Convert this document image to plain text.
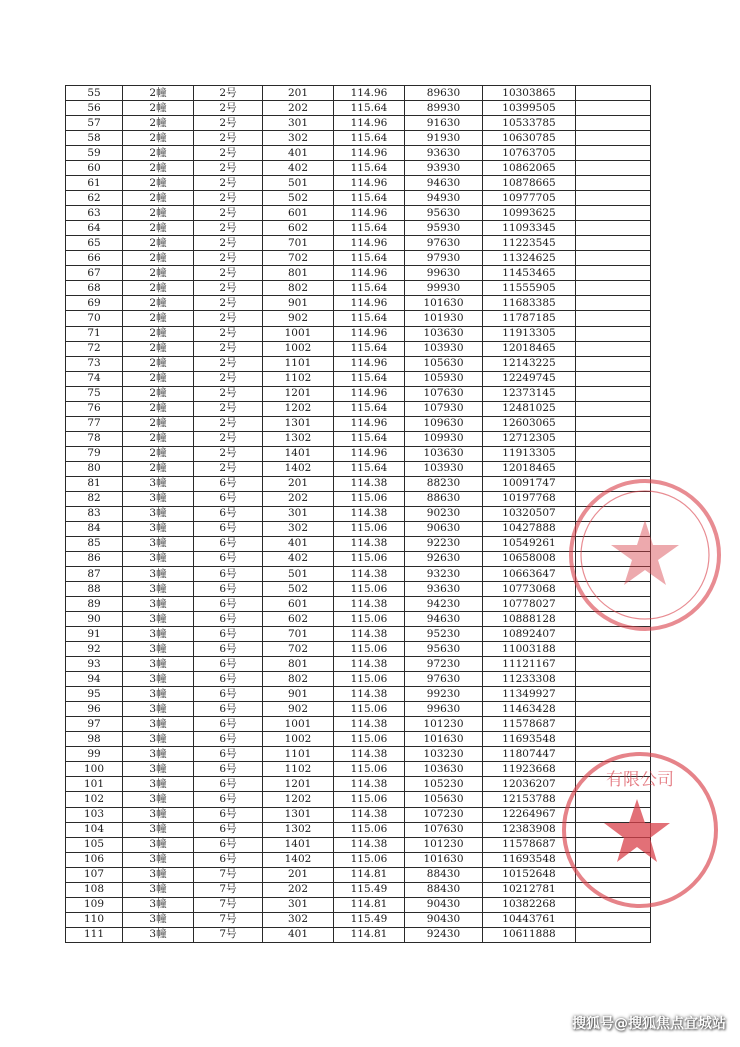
55	2幢	2号	201	114.96	89630	10303865	
56	2幢	2号	202	115.64	89930	10399505	
57	2幢	2号	301	114.96	91630	10533785	
58	2幢	2号	302	115.64	91930	10630785	
59	2幢	2号	401	114.96	93630	10763705	
60	2幢	2号	402	115.64	93930	10862065	
61	2幢	2号	501	114.96	94630	10878665	
62	2幢	2号	502	115.64	94930	10977705	
63	2幢	2号	601	114.96	95630	10993625	
64	2幢	2号	602	115.64	95930	11093345	
65	2幢	2号	701	114.96	97630	11223545	
66	2幢	2号	702	115.64	97930	11324625	
67	2幢	2号	801	114.96	99630	11453465	
68	2幢	2号	802	115.64	99930	11555905	
69	2幢	2号	901	114.96	101630	11683385	
70	2幢	2号	902	115.64	101930	11787185	
71	2幢	2号	1001	114.96	103630	11913305	
72	2幢	2号	1002	115.64	103930	12018465	
73	2幢	2号	1101	114.96	105630	12143225	
74	2幢	2号	1102	115.64	105930	12249745	
75	2幢	2号	1201	114.96	107630	12373145	
76	2幢	2号	1202	115.64	107930	12481025	
77	2幢	2号	1301	114.96	109630	12603065	
78	2幢	2号	1302	115.64	109930	12712305	
79	2幢	2号	1401	114.96	103630	11913305	
80	2幢	2号	1402	115.64	103930	12018465	
81	3幢	6号	201	114.38	88230	10091747	
82	3幢	6号	202	115.06	88630	10197768	
83	3幢	6号	301	114.38	90230	10320507	
84	3幢	6号	302	115.06	90630	10427888	
85	3幢	6号	401	114.38	92230	10549261	
86	3幢	6号	402	115.06	92630	10658008	
87	3幢	6号	501	114.38	93230	10663647	
88	3幢	6号	502	115.06	93630	10773068	
89	3幢	6号	601	114.38	94230	10778027	
90	3幢	6号	602	115.06	94630	10888128	
91	3幢	6号	701	114.38	95230	10892407	
92	3幢	6号	702	115.06	95630	11003188	
93	3幢	6号	801	114.38	97230	11121167	
94	3幢	6号	802	115.06	97630	11233308	
95	3幢	6号	901	114.38	99230	11349927	
96	3幢	6号	902	115.06	99630	11463428	
97	3幢	6号	1001	114.38	101230	11578687	
98	3幢	6号	1002	115.06	101630	11693548	
99	3幢	6号	1101	114.38	103230	11807447	
100	3幢	6号	1102	115.06	103630	11923668	
101	3幢	6号	1201	114.38	105230	12036207	
102	3幢	6号	1202	115.06	105630	12153788	
103	3幢	6号	1301	114.38	107230	12264967	
104	3幢	6号	1302	115.06	107630	12383908	
105	3幢	6号	1401	114.38	101230	11578687	
106	3幢	6号	1402	115.06	101630	11693548	
107	3幢	7号	201	114.81	88430	10152648	
108	3幢	7号	202	115.49	88430	10212781	
109	3幢	7号	301	114.81	90430	10382268	
110	3幢	7号	302	115.49	90430	10443761	
111	3幢	7号	401	114.81	92430	10611888	
有限公司
搜狐号@搜狐焦点宜城站
